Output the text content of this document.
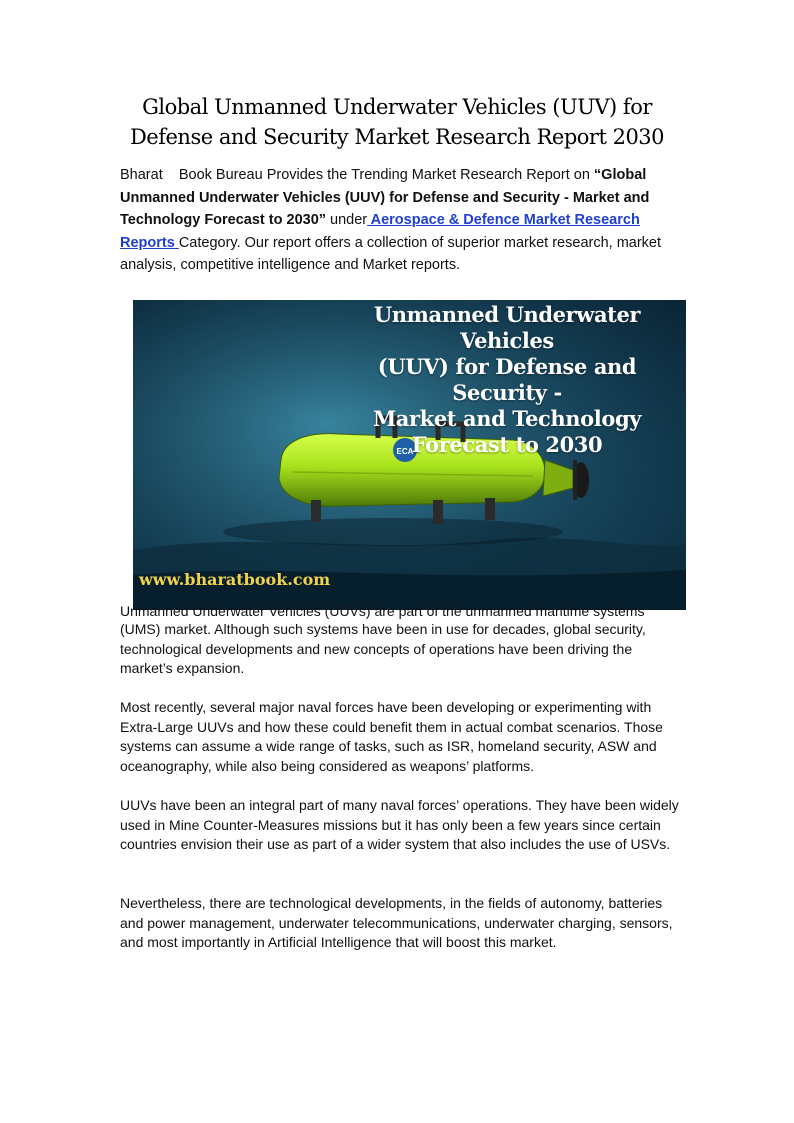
Global Unmanned Underwater Vehicles (UUV) for
Defense and Security Market Research Report 2030
Bharat    Book Bureau Provides the Trending Market Research Report on “Global Unmanned Underwater Vehicles (UUV) for Defense and Security - Market and Technology Forecast to 2030” under Aerospace & Defence Market Research Reports Category. Our report offers a collection of superior market research, market analysis, competitive intelligence and Market reports.
ECA
Unmanned Underwater Vehicles
(UUV) for Defense and Security -
Market and Technology
Forecast to 2030
www.bharatbook.com
Unmanned Underwater Vehicles (UUVs) are part of the unmanned maritime systems
(UMS) market. Although such systems have been in use for decades, global security, technological developments and new concepts of operations have been driving the market’s expansion.
Most recently, several major naval forces have been developing or experimenting with Extra-Large UUVs and how these could benefit them in actual combat scenarios. Those systems can assume a wide range of tasks, such as ISR, homeland security, ASW and oceanography, while also being considered as weapons’ platforms.
UUVs have been an integral part of many naval forces’ operations. They have been widely used in Mine Counter-Measures missions but it has only been a few years since certain countries envision their use as part of a wider system that also includes the use of USVs.
Nevertheless, there are technological developments, in the fields of autonomy, batteries and power management, underwater telecommunications, underwater charging, sensors, and most importantly in Artificial Intelligence that will boost this market.
